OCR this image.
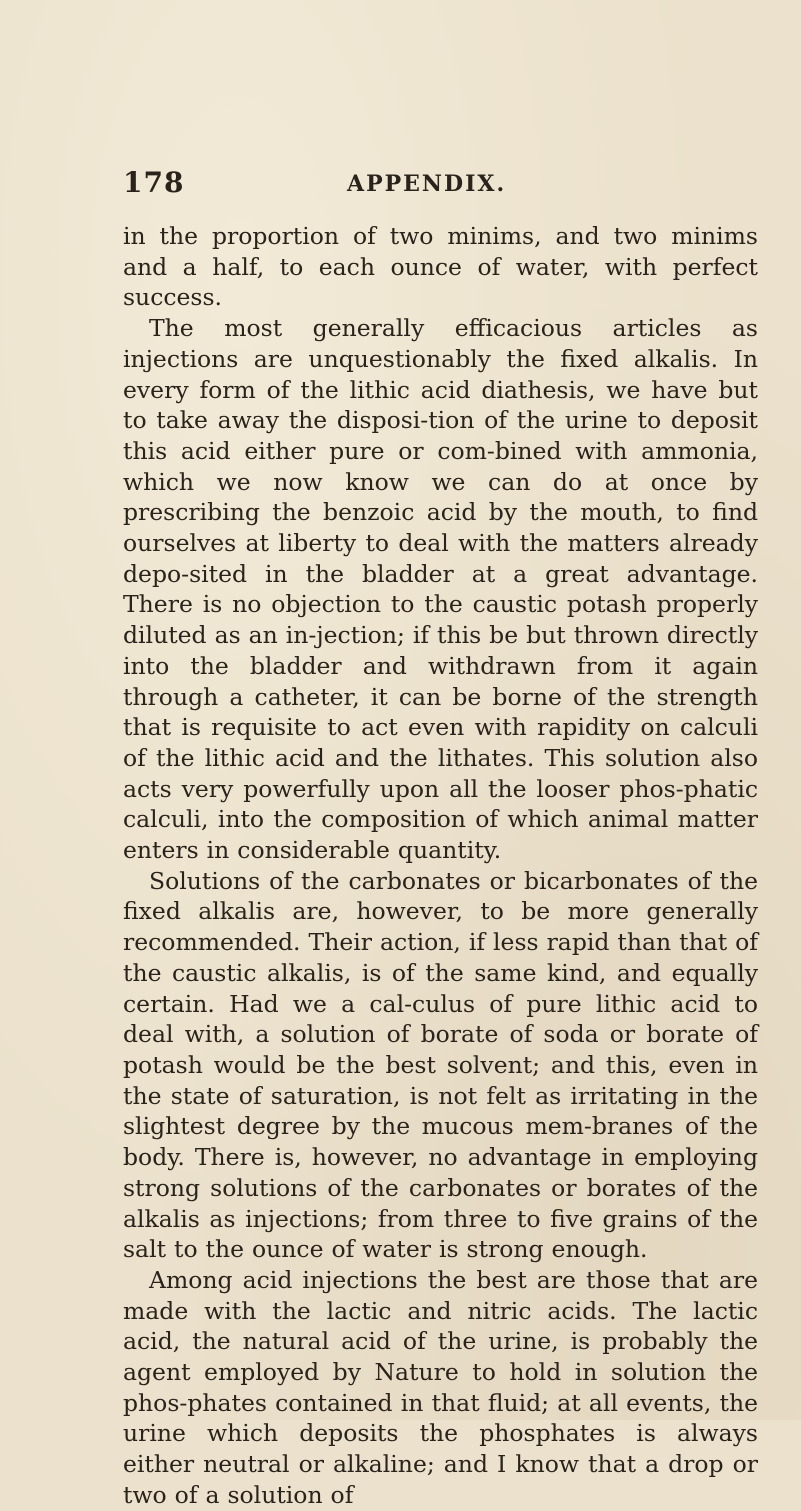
178	APPENDIX.

in the proportion of two minims, and two minims and a half, to each ounce of water, with perfect success.

The most generally efficacious articles as injections are unquestionably the fixed alkalis. In every form of the lithic acid diathesis, we have but to take away the disposi-tion of the urine to deposit this acid either pure or com-bined with ammonia, which we now know we can do at once by prescribing the benzoic acid by the mouth, to find ourselves at liberty to deal with the matters already depo-sited in the bladder at a great advantage. There is no objection to the caustic potash properly diluted as an in-jection; if this be but thrown directly into the bladder and withdrawn from it again through a catheter, it can be borne of the strength that is requisite to act even with rapidity on calculi of the lithic acid and the lithates. This solution also acts very powerfully upon all the looser phos-phatic calculi, into the composition of which animal matter enters in considerable quantity.

Solutions of the carbonates or bicarbonates of the fixed alkalis are, however, to be more generally recommended. Their action, if less rapid than that of the caustic alkalis, is of the same kind, and equally certain. Had we a cal-culus of pure lithic acid to deal with, a solution of borate of soda or borate of potash would be the best solvent; and this, even in the state of saturation, is not felt as irritating in the slightest degree by the mucous mem-branes of the body. There is, however, no advantage in employing strong solutions of the carbonates or borates of the alkalis as injections; from three to five grains of the salt to the ounce of water is strong enough.

Among acid injections the best are those that are made with the lactic and nitric acids. The lactic acid, the natural acid of the urine, is probably the agent employed by Nature to hold in solution the phos-phates contained in that fluid; at all events, the urine which deposits the phosphates is always either neutral or alkaline; and I know that a drop or two of a solution of
